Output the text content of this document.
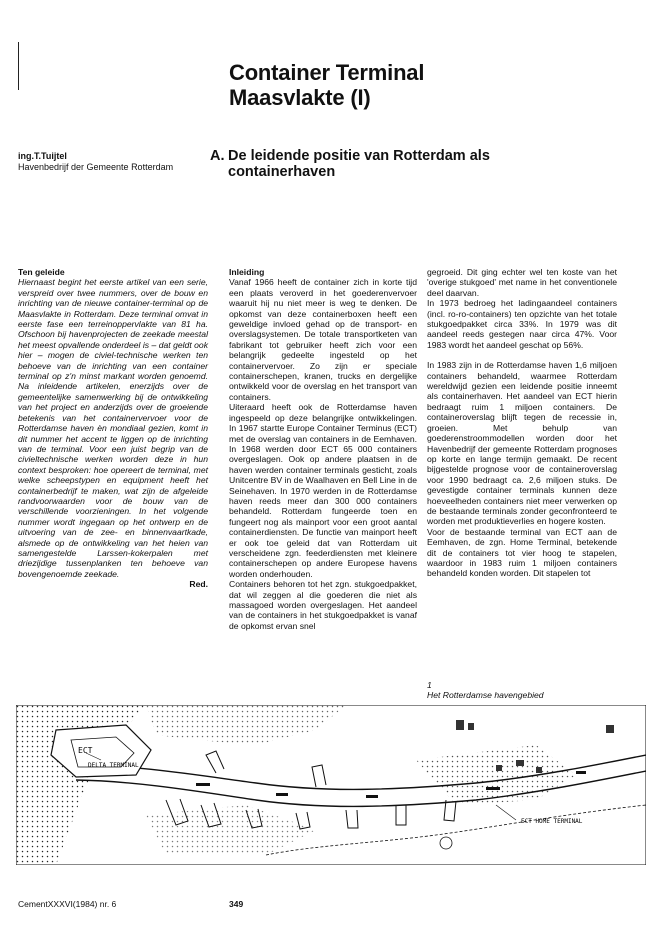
Container Terminal
Maasvlakte (I)
ing.T.Tuijtel
Havenbedrijf der Gemeente Rotterdam
A. De leidende positie van Rotterdam als
containerhaven

Ten geleide

Hiernaast begint het eerste artikel van een serie, verspreid over twee nummers, over de bouw en inrichting van de nieuwe container-terminal op de Maasvlakte in Rotterdam. Deze terminal omvat in eerste fase een terreinoppervlakte van 81 ha. Ofschoon bij havenprojecten de zeekade meestal het meest opvallende onderdeel is – dat geldt ook hier – mogen de civiel-technische werken ten behoeve van de inrichting van een container terminal op z'n minst markant worden genoemd. Na inleidende artikelen, enerzijds over de gemeentelijke samenwerking bij de ontwikkeling van het project en anderzijds over de groeiende betekenis van het containervervoer voor de Rotterdamse haven èn mondiaal gezien, komt in dit nummer het accent te liggen op de inrichting van de terminal. Voor een juist begrip van de civieltechnische werken worden deze in hun context besproken: hoe opereert de terminal, met welke scheepstypen en equipment heeft het containerbedrijf te maken, wat zijn de afgeleide randvoorwaarden voor de bouw van de verschillende voorzieningen. In het volgende nummer wordt ingegaan op het ontwerp en de uitvoering van de zee- en binnenvaartkade, alsmede op de ontwikkeling van het heien van samengestelde Larssen-kokerpalen met driezijdige tussenplanken ten behoeve van bovengenoemde zeekade.

Red.

Inleiding
Vanaf 1966 heeft de container zich in korte tijd een plaats veroverd in het goederenvervoer waaruit hij nu niet meer is weg te denken. De opkomst van deze containerboxen heeft een geweldige invloed gehad op de transport- en overslagsystemen. De totale transportketen van fabrikant tot gebruiker heeft zich voor een belangrijk gedeelte ingesteld op het containervervoer. Zo zijn er speciale containerschepen, kranen, trucks en dergelijke ontwikkeld voor de overslag en het transport van containers.
Uiteraard heeft ook de Rotterdamse haven ingespeeld op deze belangrijke ontwikkelingen. In 1967 startte Europe Container Terminus (ECT) met de overslag van containers in de Eemhaven. In 1968 werden door ECT 65 000 containers overgeslagen. Ook op andere plaatsen in de haven werden container terminals gesticht, zoals Unitcentre BV in de Waalhaven en Bell Line in de Seinehaven. In 1970 werden in de Rotterdamse haven reeds meer dan 300 000 containers behandeld. Rotterdam fungeerde toen en fungeert nog als mainport voor een groot aantal containerdiensten. De functie van mainport heeft er ook toe geleid dat van Rotterdam uit verscheidene zgn. feederdiensten met kleinere containerschepen op andere Europese havens worden onderhouden.

Containers behoren tot het zgn. stukgoedpakket, dat wil zeggen al die goederen die niet als massagoed worden overgeslagen. Het aandeel van de containers in het stukgoedpakket is vanaf de opkomst ervan snel

gegroeid. Dit ging echter wel ten koste van het 'overige stukgoed' met name in het conventionele deel daarvan.

In 1973 bedroeg het ladingaandeel containers (incl. ro-ro-containers) ten opzichte van het totale stukgoedpakket circa 33%. In 1979 was dit aandeel reeds gestegen naar circa 47%. Voor 1983 wordt het aandeel geschat op 56%.

In 1983 zijn in de Rotterdamse haven 1,6 miljoen containers behandeld, waarmee Rotterdam wereldwijd gezien een leidende positie inneemt als containerhaven. Het aandeel van ECT hierin bedraagt ruim 1 miljoen containers. De containeroverslag blijft tegen de recessie in, groeien. Met behulp van goederenstroommodellen worden door het Havenbedrijf der gemeente Rotterdam prognoses op korte en lange termijn gemaakt. De recent bijgestelde prognose voor de containeroverslag voor 1990 bedraagt ca. 2,6 miljoen stuks. De gevestigde container terminals kunnen deze hoeveelheden containers niet meer verwerken op de bestaande terminals zonder geconfronteerd te worden met produktieverlies en hogere kosten.

Voor de bestaande terminal van ECT aan de Eemhaven, de zgn. Home Terminal, betekende dit de containers tot vier hoog te stapelen, waardoor in 1983 ruim 1 miljoen containers behandeld konden worden. Dit stapelen tot

1
Het Rotterdamse havengebied
ECT
DELTA TERMINAL
ECT HOME TERMINAL
CementXXXVI(1984) nr. 6	349
